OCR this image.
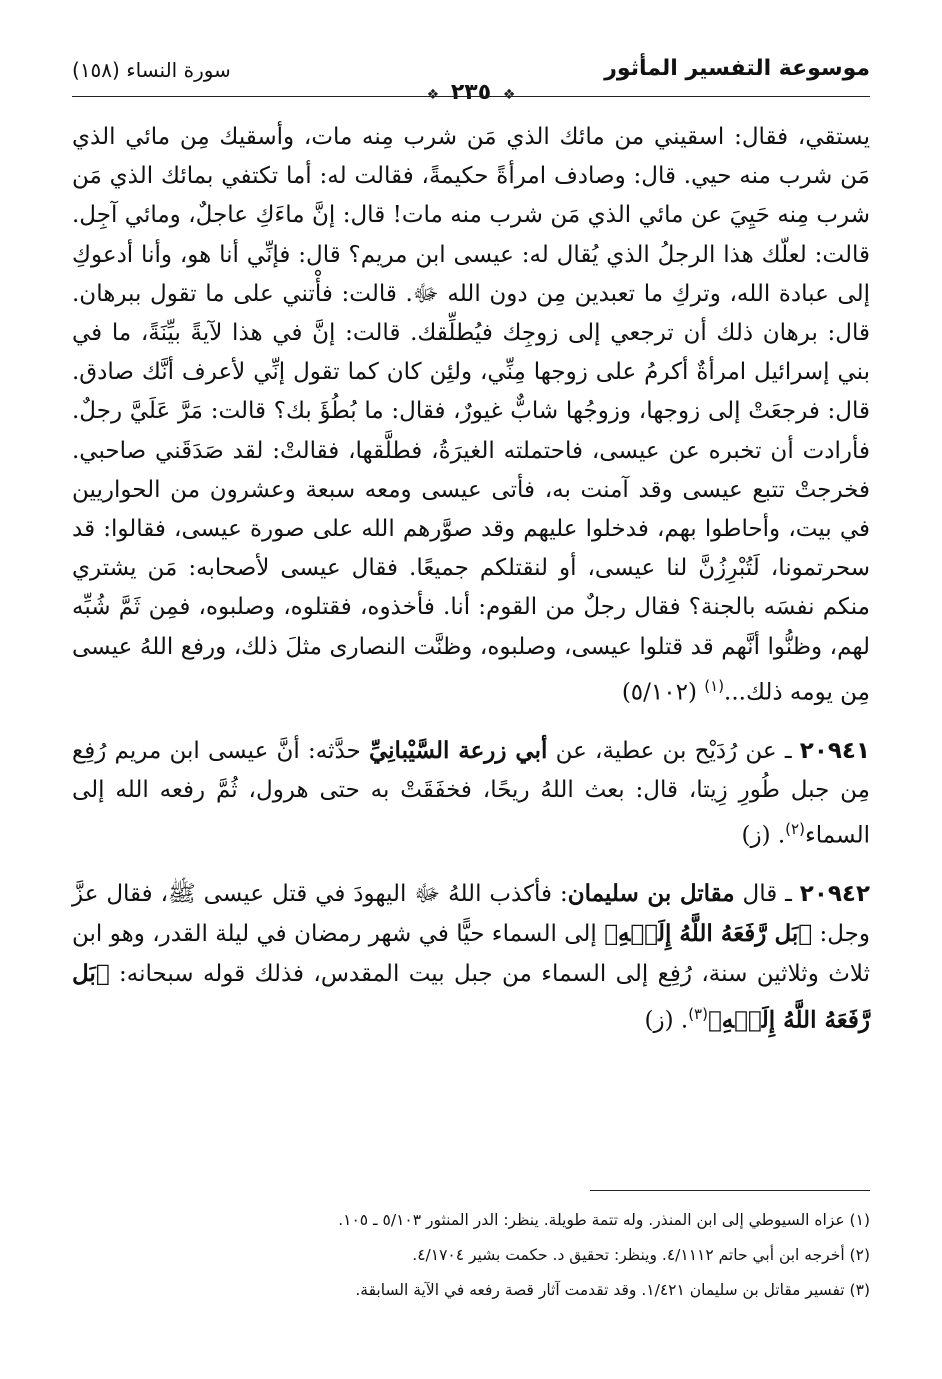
موسوعة التفسير المأثور
سورة النساء (١٥٨)
❖ ٢٣٥ ❖

يستقي، فقال: اسقيني من مائك الذي مَن شرب مِنه مات، وأسقيك مِن مائي الذي مَن شرب منه حيي. قال: وصادف امرأةً حكيمةً، فقالت له: أما تكتفي بمائك الذي مَن شرب مِنه حَيِيَ عن مائي الذي مَن شرب منه مات! قال: إنَّ ماءَكِ عاجلٌ، ومائي آجِل. قالت: لعلّك هذا الرجلُ الذي يُقال له: عيسى ابن مريم؟ قال: فإنِّي أنا هو، وأنا أدعوكِ إلى عبادة الله، وتركِ ما تعبدين مِن دون الله ﷻ. قالت: فأْتني على ما تقول ببرهان. قال: برهان ذلك أن ترجعي إلى زوجِك فيُطلِّقك. قالت: إنَّ في هذا لآيةً بيِّنَةً، ما في بني إسرائيل امرأةٌ أكرمُ على زوجها مِنِّي، ولئِن كان كما تقول إنِّي لأعرف أنَّك صادق. قال: فرجعَتْ إلى زوجها، وزوجُها شابٌّ غيورٌ، فقال: ما بُطُؤَ بك؟ قالت: مَرَّ عَلَيَّ رجلٌ. فأرادت أن تخبره عن عيسى، فاحتملته الغيرَةُ، فطلَّقها، فقالتْ: لقد صَدَقَني صاحبي. فخرجتْ تتبع عيسى وقد آمنت به، فأتى عيسى ومعه سبعة وعشرون من الحواريين في بيت، وأحاطوا بهم، فدخلوا عليهم وقد صوَّرهم الله على صورة عيسى، فقالوا: قد سحرتمونا، لَتُبْرِزُنَّ لنا عيسى، أو لنقتلكم جميعًا. فقال عيسى لأصحابه: مَن يشتري منكم نفسَه بالجنة؟ فقال رجلٌ من القوم: أنا. فأخذوه، فقتلوه، وصلبوه، فمِن ثَمَّ شُبِّه لهم، وظنُّوا أنَّهم قد قتلوا عيسى، وصلبوه، وظنَّت النصارى مثلَ ذلك، ورفع اللهُ عيسى مِن يومه ذلك...$^{(١)}$ (٥/١٠٢)

٢٠٩٤١ ـ عن رُدَيْح بن عطية، عن أبي زرعة السَّيْبانِيِّ حدَّثه: أنَّ عيسى ابن مريم رُفِع مِن جبل طُورِ زِيتا، قال: بعث اللهُ ريحًا، فخفَقَتْ به حتى هرول، ثُمَّ رفعه الله إلى السماء$^{(٢)}$. (ز)

٢٠٩٤٢ ـ قال مقاتل بن سليمان: فأكذب اللهُ ﷻ اليهودَ في قتل عيسى ﷺ، فقال عزَّ وجل: ﴿بَل رَّفَعَهُ اللَّهُ إِلَيۡهِ﴾ إلى السماء حيًّا في شهر رمضان في ليلة القدر، وهو ابن ثلاث وثلاثين سنة، رُفِع إلى السماء من جبل بيت المقدس، فذلك قوله سبحانه: ﴿بَل رَّفَعَهُ اللَّهُ إِلَيۡهِ﴾$^{(٣)}$. (ز)

(١) عزاه السيوطي إلى ابن المنذر. وله تتمة طويلة. ينظر: الدر المنثور ٥/١٠٣ ـ ١٠٥.
(٢) أخرجه ابن أبي حاتم ٤/١١١٢. وينظر: تحقيق د. حكمت بشير ٤/١٧٠٤.
(٣) تفسير مقاتل بن سليمان ١/٤٢١. وقد تقدمت آثار قصة رفعه في الآية السابقة.
